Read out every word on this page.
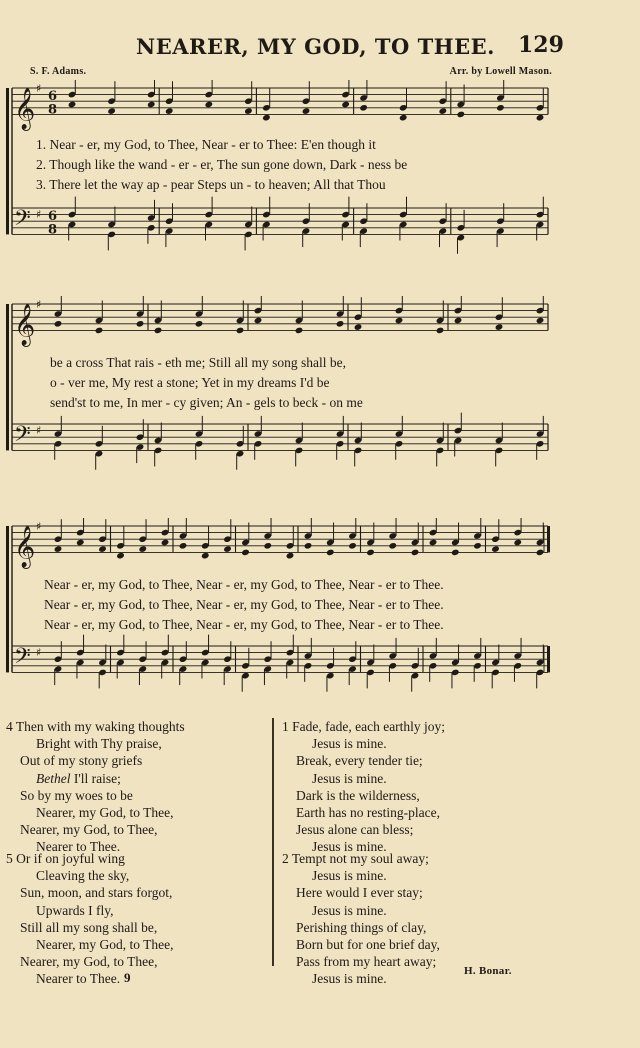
NEARER, MY GOD, TO THEE. 129
S. F. Adams.	Arr. by Lowell Mason.
𝄞
𝄢
♯
♯
6
8
6
8
1. Near - er, my God, to Thee, Near - er to Thee: E'en though it
2. Though like the wand - er - er, The sun gone down, Dark - ness be
3. There let the way ap - pear Steps un - to heaven; All that Thou
𝄞
𝄢
♯
♯
be a cross That rais - eth me; Still all my song shall be,
o - ver me, My rest a stone; Yet in my dreams I'd be
send'st to me, In mer - cy given; An - gels to beck - on me
𝄞
𝄢
♯
♯
Near - er, my God, to Thee, Near - er, my God, to Thee, Near - er to Thee.
Near - er, my God, to Thee, Near - er, my God, to Thee, Near - er to Thee.
Near - er, my God, to Thee, Near - er, my God, to Thee, Near - er to Thee.
4 Then with my waking thoughts
Bright with Thy praise,
Out of my stony griefs
Bethel I'll raise;
So by my woes to be
Nearer, my God, to Thee,
Nearer, my God, to Thee,
Nearer to Thee.
5 Or if on joyful wing
Cleaving the sky,
Sun, moon, and stars forgot,
Upwards I fly,
Still all my song shall be,
Nearer, my God, to Thee,
Nearer, my God, to Thee,
Nearer to Thee.
1 Fade, fade, each earthly joy;
Jesus is mine.
Break, every tender tie;
Jesus is mine.
Dark is the wilderness,
Earth has no resting-place,
Jesus alone can bless;
Jesus is mine.
2 Tempt not my soul away;
Jesus is mine.
Here would I ever stay;
Jesus is mine.
Perishing things of clay,
Born but for one brief day,
Pass from my heart away;
Jesus is mine.
9	H. Bonar.
